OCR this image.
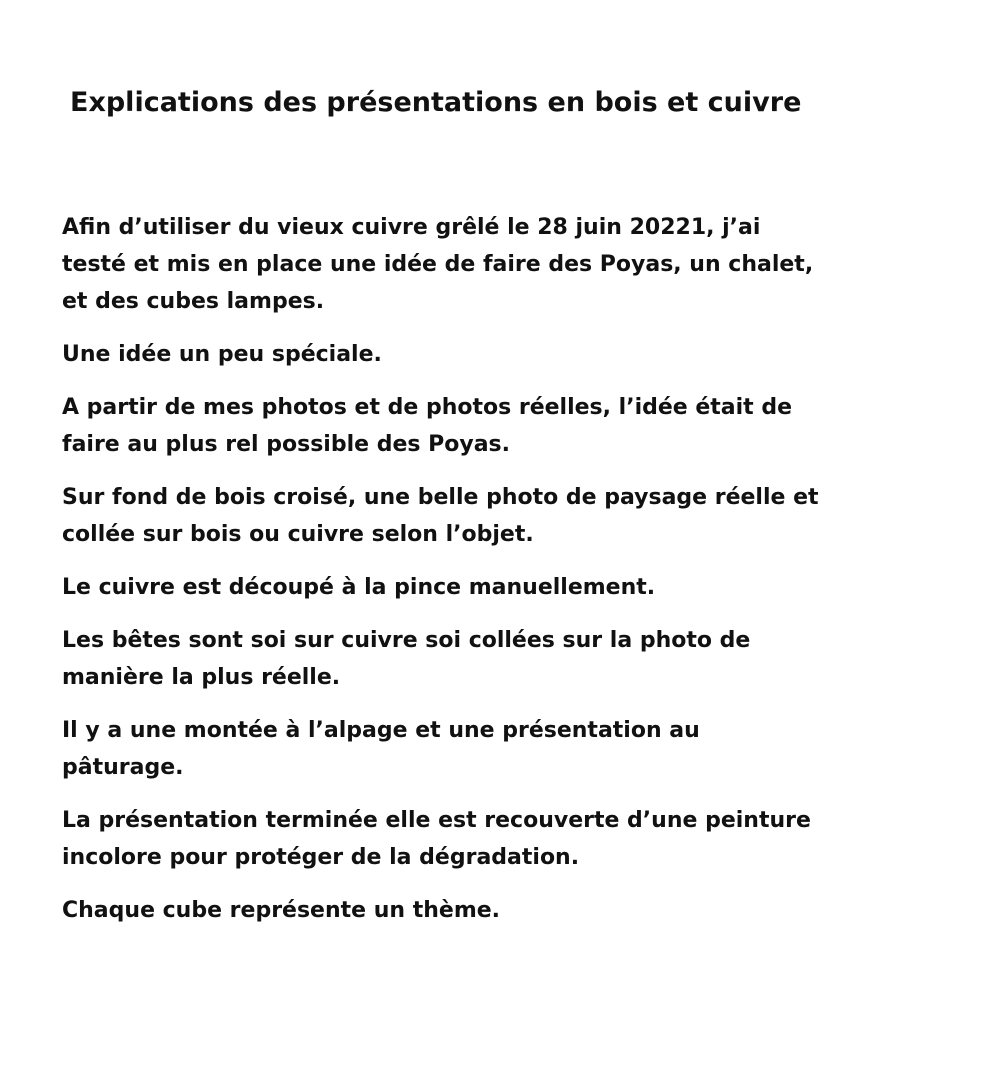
Explications des présentations en bois et cuivre

Afin d’utiliser du vieux cuivre grêlé le 28 juin 20221, j’ai
testé et mis en place une idée de faire des Poyas, un chalet,
et des cubes lampes.

Une idée un peu spéciale.

A partir de mes photos et de photos réelles, l’idée était de
faire au plus rel possible des Poyas.

Sur fond de bois croisé, une belle photo de paysage réelle et
collée sur bois ou cuivre selon l’objet.

Le cuivre est découpé à la pince manuellement.

Les bêtes sont soi sur cuivre soi collées sur la photo de
manière la plus réelle.

Il y a une montée à l’alpage et une présentation au
pâturage.

La présentation terminée elle est recouverte d’une peinture
incolore pour protéger de la dégradation.

Chaque cube représente un thème.
